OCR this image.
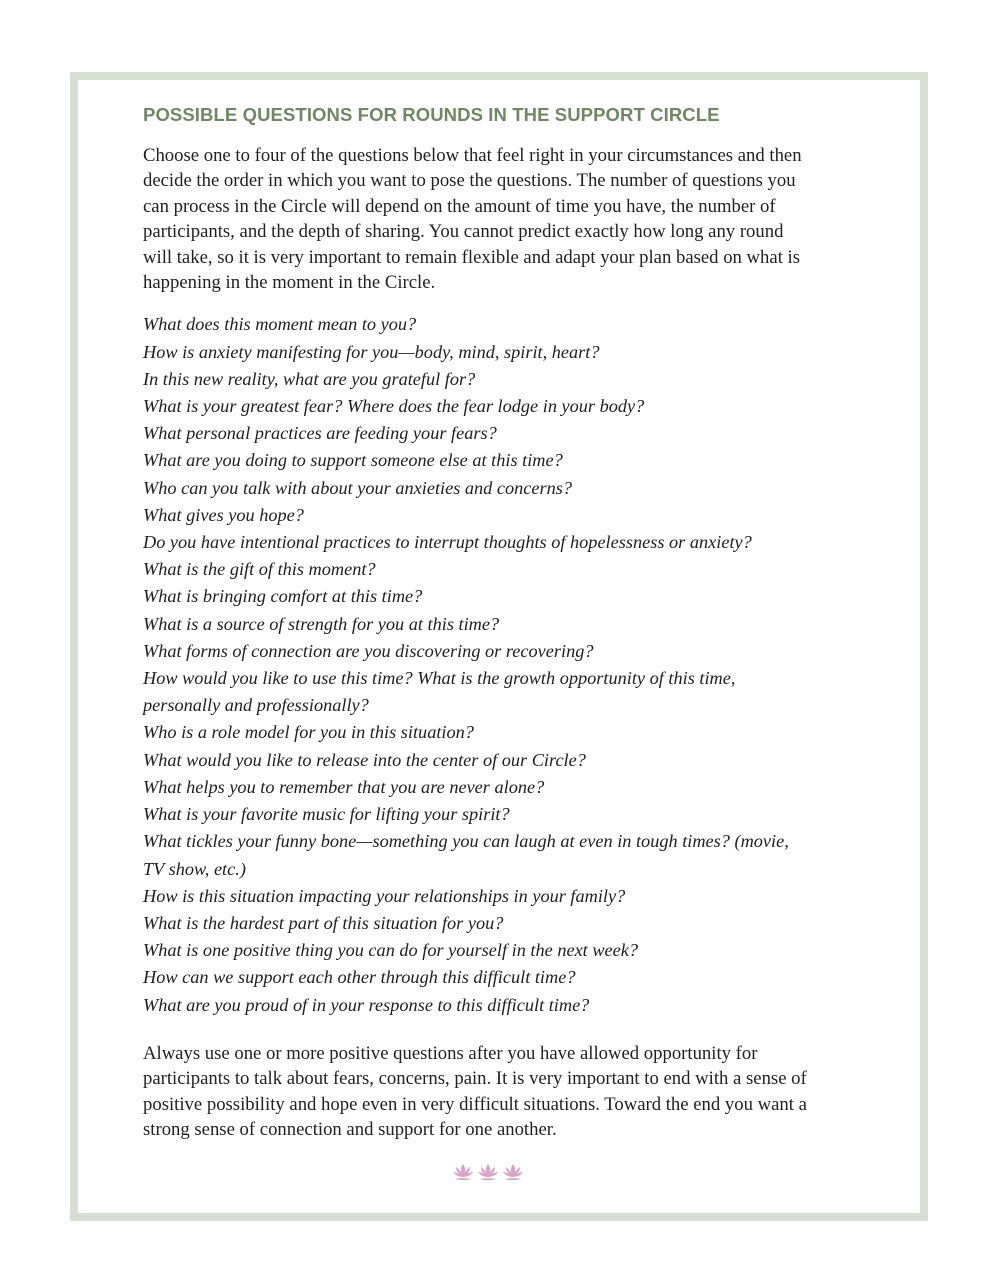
POSSIBLE QUESTIONS FOR ROUNDS IN THE SUPPORT CIRCLE

Choose one to four of the questions below that feel right in your circumstances and then decide the order in which you want to pose the questions. The number of questions you can process in the Circle will depend on the amount of time you have, the number of participants, and the depth of sharing. You cannot predict exactly how long any round will take, so it is very important to remain flexible and adapt your plan based on what is happening in the moment in the Circle.

What does this moment mean to you?
How is anxiety manifesting for you—body, mind, spirit, heart?
In this new reality, what are you grateful for?
What is your greatest fear? Where does the fear lodge in your body?
What personal practices are feeding your fears?
What are you doing to support someone else at this time?
Who can you talk with about your anxieties and concerns?
What gives you hope?
Do you have intentional practices to interrupt thoughts of hopelessness or anxiety?
What is the gift of this moment?
What is bringing comfort at this time?
What is a source of strength for you at this time?
What forms of connection are you discovering or recovering?
How would you like to use this time? What is the growth opportunity of this time, personally and professionally?
Who is a role model for you in this situation?
What would you like to release into the center of our Circle?
What helps you to remember that you are never alone?
What is your favorite music for lifting your spirit?
What tickles your funny bone—something you can laugh at even in tough times? (movie, TV show, etc.)
How is this situation impacting your relationships in your family?
What is the hardest part of this situation for you?
What is one positive thing you can do for yourself in the next week?
How can we support each other through this difficult time?
What are you proud of in your response to this difficult time?

Always use one or more positive questions after you have allowed opportunity for participants to talk about fears, concerns, pain. It is very important to end with a sense of positive possibility and hope even in very difficult situations. Toward the end you want a strong sense of connection and support for one another.
